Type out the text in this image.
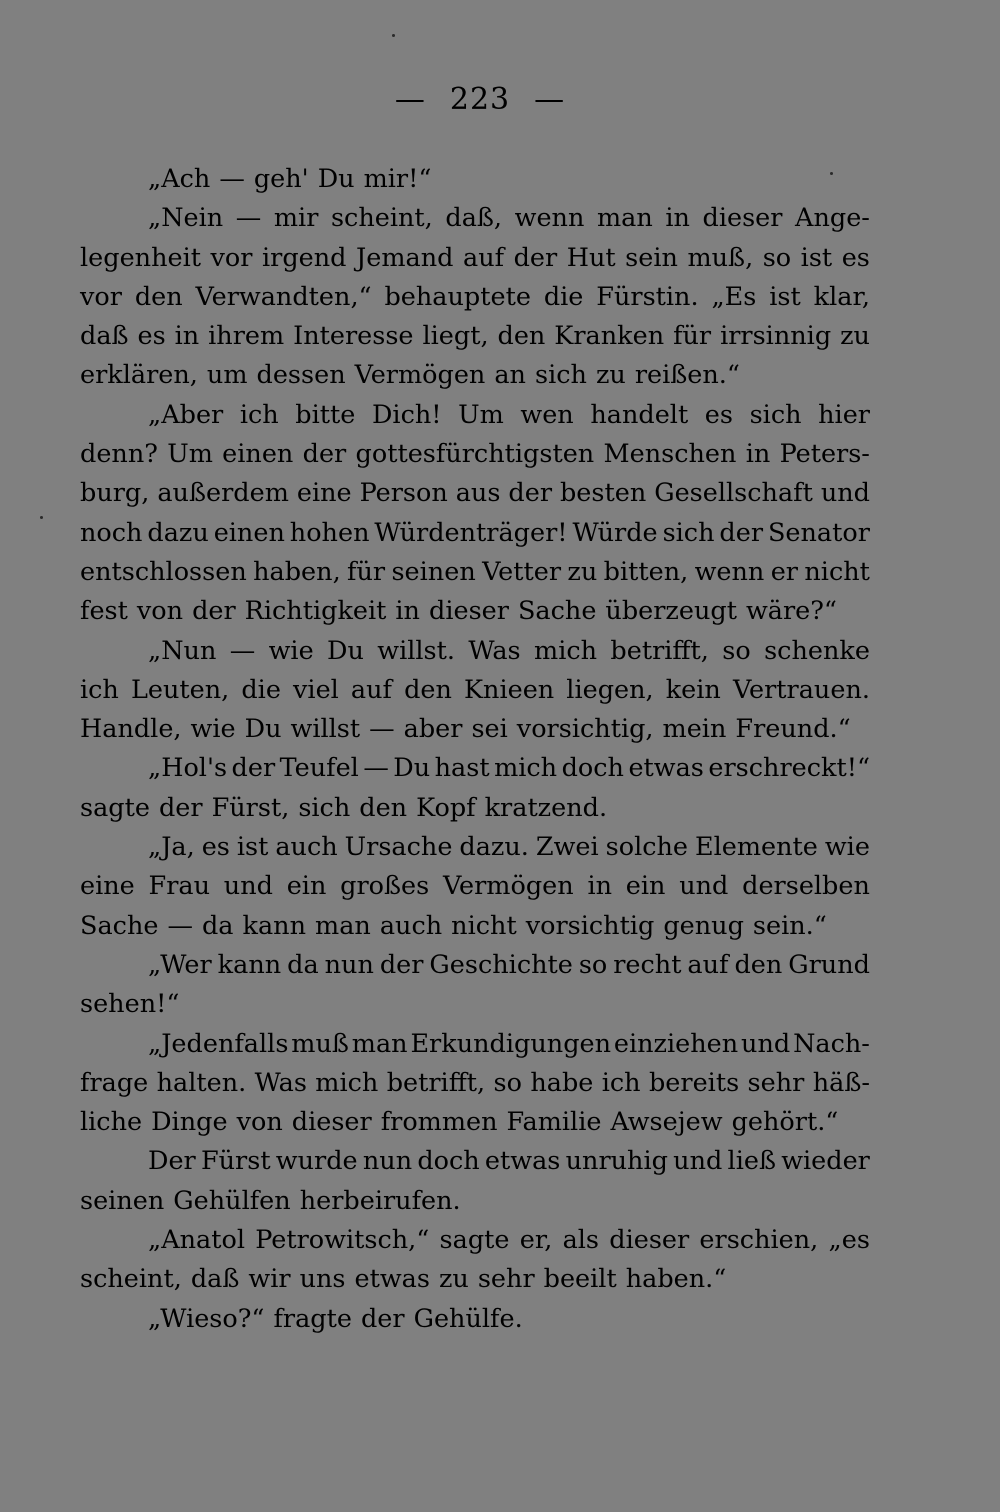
— 223 —
„Ach — geh' Du mir!“
„Nein — mir scheint, daß, wenn man in dieser Ange-
legenheit vor irgend Jemand auf der Hut sein muß, so ist es
vor den Verwandten,“ behauptete die Fürstin. „Es ist klar,
daß es in ihrem Interesse liegt, den Kranken für irrsinnig zu
erklären, um dessen Vermögen an sich zu reißen.“
„Aber ich bitte Dich! Um wen handelt es sich hier
denn? Um einen der gottesfürchtigsten Menschen in Peters-
burg, außerdem eine Person aus der besten Gesellschaft und
noch dazu einen hohen Würdenträger! Würde sich der Senator
entschlossen haben, für seinen Vetter zu bitten, wenn er nicht
fest von der Richtigkeit in dieser Sache überzeugt wäre?“
„Nun — wie Du willst. Was mich betrifft, so schenke
ich Leuten, die viel auf den Knieen liegen, kein Vertrauen.
Handle, wie Du willst — aber sei vorsichtig, mein Freund.“
„Hol's der Teufel — Du hast mich doch etwas erschreckt!“
sagte der Fürst, sich den Kopf kratzend.
„Ja, es ist auch Ursache dazu. Zwei solche Elemente wie
eine Frau und ein großes Vermögen in ein und derselben
Sache — da kann man auch nicht vorsichtig genug sein.“
„Wer kann da nun der Geschichte so recht auf den Grund
sehen!“
„Jedenfalls muß man Erkundigungen einziehen und Nach-
frage halten. Was mich betrifft, so habe ich bereits sehr häß-
liche Dinge von dieser frommen Familie Awsejew gehört.“
Der Fürst wurde nun doch etwas unruhig und ließ wieder
seinen Gehülfen herbeirufen.
„Anatol Petrowitsch,“ sagte er, als dieser erschien, „es
scheint, daß wir uns etwas zu sehr beeilt haben.“
„Wieso?“ fragte der Gehülfe.
